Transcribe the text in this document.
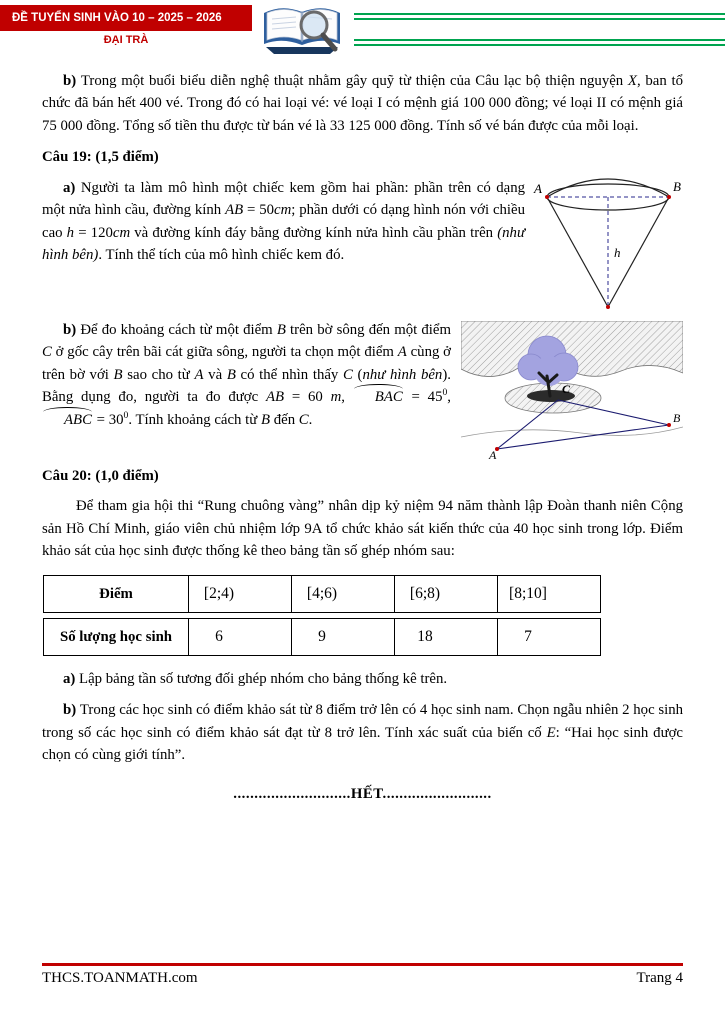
ĐỀ TUYỂN SINH VÀO 10 – 2025 – 2026
ĐẠI TRÀ

b) Trong một buổi biểu diễn nghệ thuật nhằm gây quỹ từ thiện của Câu lạc bộ thiện nguyện X, ban tổ chức đã bán hết 400 vé. Trong đó có hai loại vé: vé loại I có mệnh giá 100 000 đồng; vé loại II có mệnh giá 75 000 đồng. Tổng số tiền thu được từ bán vé là 33 125 000 đồng. Tính số vé bán được của mỗi loại.

Câu 19: (1,5 điểm)

A	B
h
a) Người ta làm mô hình một chiếc kem gồm hai phần: phần trên có dạng một nửa hình cầu, đường kính AB = 50cm; phần dưới có dạng hình nón với chiều cao h = 120cm và đường kính đáy bằng đường kính nửa hình cầu phần trên (như hình bên). Tính thể tích của mô hình chiếc kem đó.

C
A
B
b) Để đo khoảng cách từ một điểm B trên bờ sông đến một điểm C ở gốc cây trên bãi cát giữa sông, người ta chọn một điểm A cùng ở trên bờ với B sao cho từ A và B có thể nhìn thấy C (như hình bên). Bằng dụng đo, người ta đo được AB = 60 m, BAC = $45^0$, ABC = $30^0$. Tính khoảng cách từ B đến C.

Câu 20: (1,0 điểm)

Để tham gia hội thi “Rung chuông vàng” nhân dịp kỷ niệm 94 năm thành lập Đoàn thanh niên Cộng sản Hồ Chí Minh, giáo viên chủ nhiệm lớp 9A tổ chức khảo sát kiến thức của 40 học sinh trong lớp. Điểm khảo sát của học sinh được thống kê theo bảng tần số ghép nhóm sau:

Điểm	[2;4)	[4;6)	[6;8)	[8;10]
Số lượng học sinh	6	9	18	7

a) Lập bảng tần số tương đối ghép nhóm cho bảng thống kê trên.

b) Trong các học sinh có điểm khảo sát từ 8 điểm trở lên có 4 học sinh nam. Chọn ngẫu nhiên 2 học sinh trong số các học sinh có điểm khảo sát đạt từ 8 trở lên. Tính xác suất của biến cố E: “Hai học sinh được chọn có cùng giới tính”.

............................HẾT..........................
THCS.TOANMATH.com	Trang 4
